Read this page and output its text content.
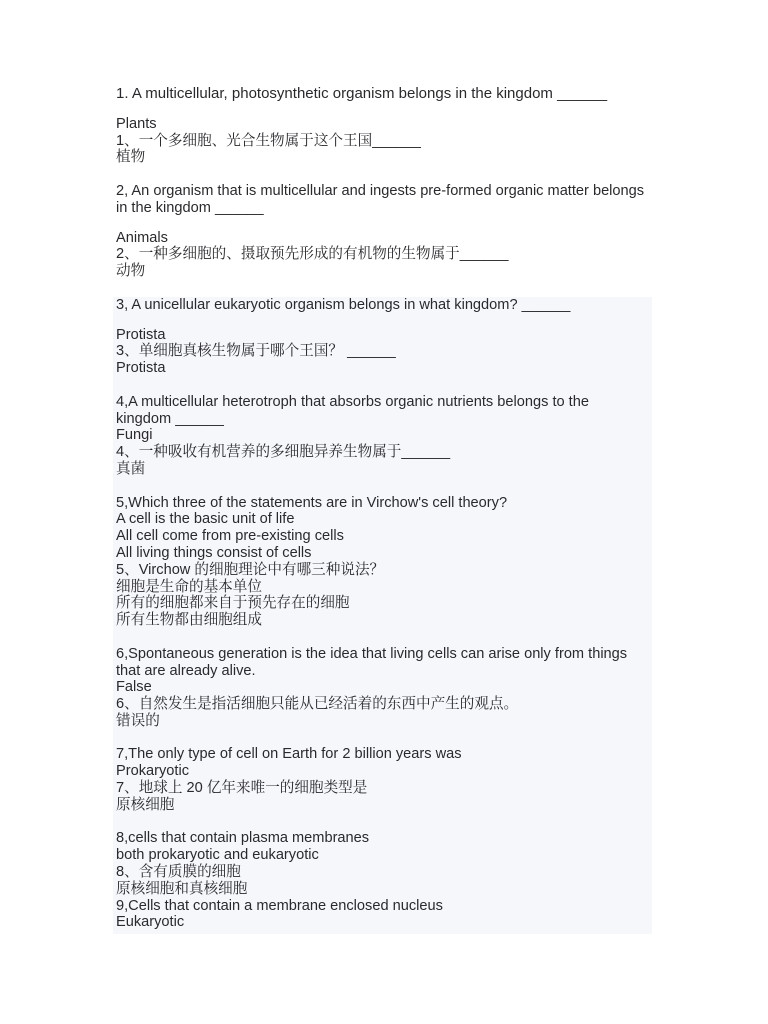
1. A multicellular, photosynthetic organism belongs in the kingdom ______
Plants
1、一个多细胞、光合生物属于这个王国______
植物
2, An organism that is multicellular and ingests pre-formed organic matter belongs in the kingdom ______
Animals
2、一种多细胞的、摄取预先形成的有机物的生物属于______
动物
3, A unicellular eukaryotic organism belongs in what kingdom? ______
Protista
3、单细胞真核生物属于哪个王国？ ______
Protista
4,A multicellular heterotroph that absorbs organic nutrients belongs to the kingdom ______
Fungi
4、一种吸收有机营养的多细胞异养生物属于______
真菌
5,Which three of the statements are in Virchow's cell theory?
A cell is the basic unit of life
All cell come from pre-existing cells
All living things consist of cells
5、Virchow 的细胞理论中有哪三种说法？
细胞是生命的基本单位
所有的细胞都来自于预先存在的细胞
所有生物都由细胞组成
6,Spontaneous generation is the idea that living cells can arise only from things that are already alive.
False
6、自然发生是指活细胞只能从已经活着的东西中产生的观点。
错误的
7,The only type of cell on Earth for 2 billion years was
Prokaryotic
7、地球上 20 亿年来唯一的细胞类型是
原核细胞
8,cells that contain plasma membranes
both prokaryotic and eukaryotic
8、含有质膜的细胞
原核细胞和真核细胞
9,Cells that contain a membrane enclosed nucleus
Eukaryotic
